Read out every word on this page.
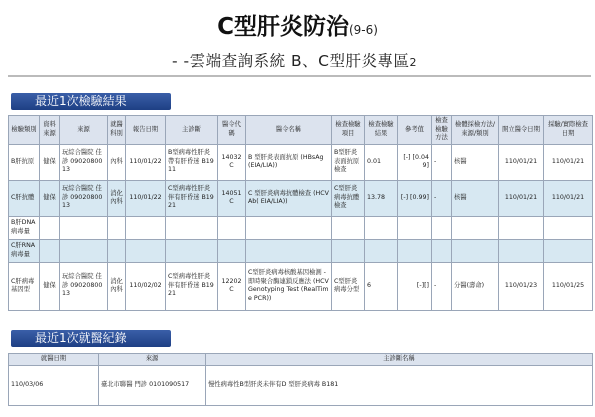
C型肝炎防治(9-6)
- -雲端查詢系統 B、C型肝炎專區2
最近1次檢驗結果
檢驗類別	資料來源	來源	就醫科別	報告日期	主診斷	醫令代碼	醫令名稱	檢查檢驗項目	檢查檢驗結果	參考值	檢查檢驗方法	檢體採檢方法/來源/類別	開立醫令日期	採驗/實際檢查日期
B肝抗原	健保	玩綜合醫院 佳診 0902080013	內科	110/01/22	B型病毒性肝炎帶有肝昏迷 B1911	14032C	B 型肝炎表面抗原 (HBsAg (EIA/LIA))	B型肝炎表面抗原檢查	0.01	[-] [0.049]	-	核醫	110/01/21	110/01/21
C肝抗體	健保	玩綜合醫院 佳診 0902080013	消化內科	110/01/22	C型病毒性肝炎伴有肝昏迷 B1921	14051C	C 型肝炎病毒抗體檢查 (HCV Ab( EIA/LIA))	C型肝炎病毒抗體檢查	13.78	[-] [0.99]	-	核醫	110/01/21	110/01/21
B肝DNA病毒量														
C肝RNA病毒量														
C肝病毒基因型	健保	玩綜合醫院 佳診 0902080013	消化內科	110/02/02	C型病毒性肝炎伴有肝昏迷 B1921	12202C	C型肝炎病毒核酸基因檢測 -即時聚合酶連鎖反應法 (HCV Genotyping Test (RealTime PCR))	C型肝炎病毒分型	6	[-][]	-	分醫(壽命)	110/01/23	110/01/25
最近1次就醫紀錄
就醫日期	來源	主診斷名稱
110/03/06	臺北市聯醫 門診 0101090517	慢性病毒性B型肝炎未伴有D 型肝炎病毒 B181
